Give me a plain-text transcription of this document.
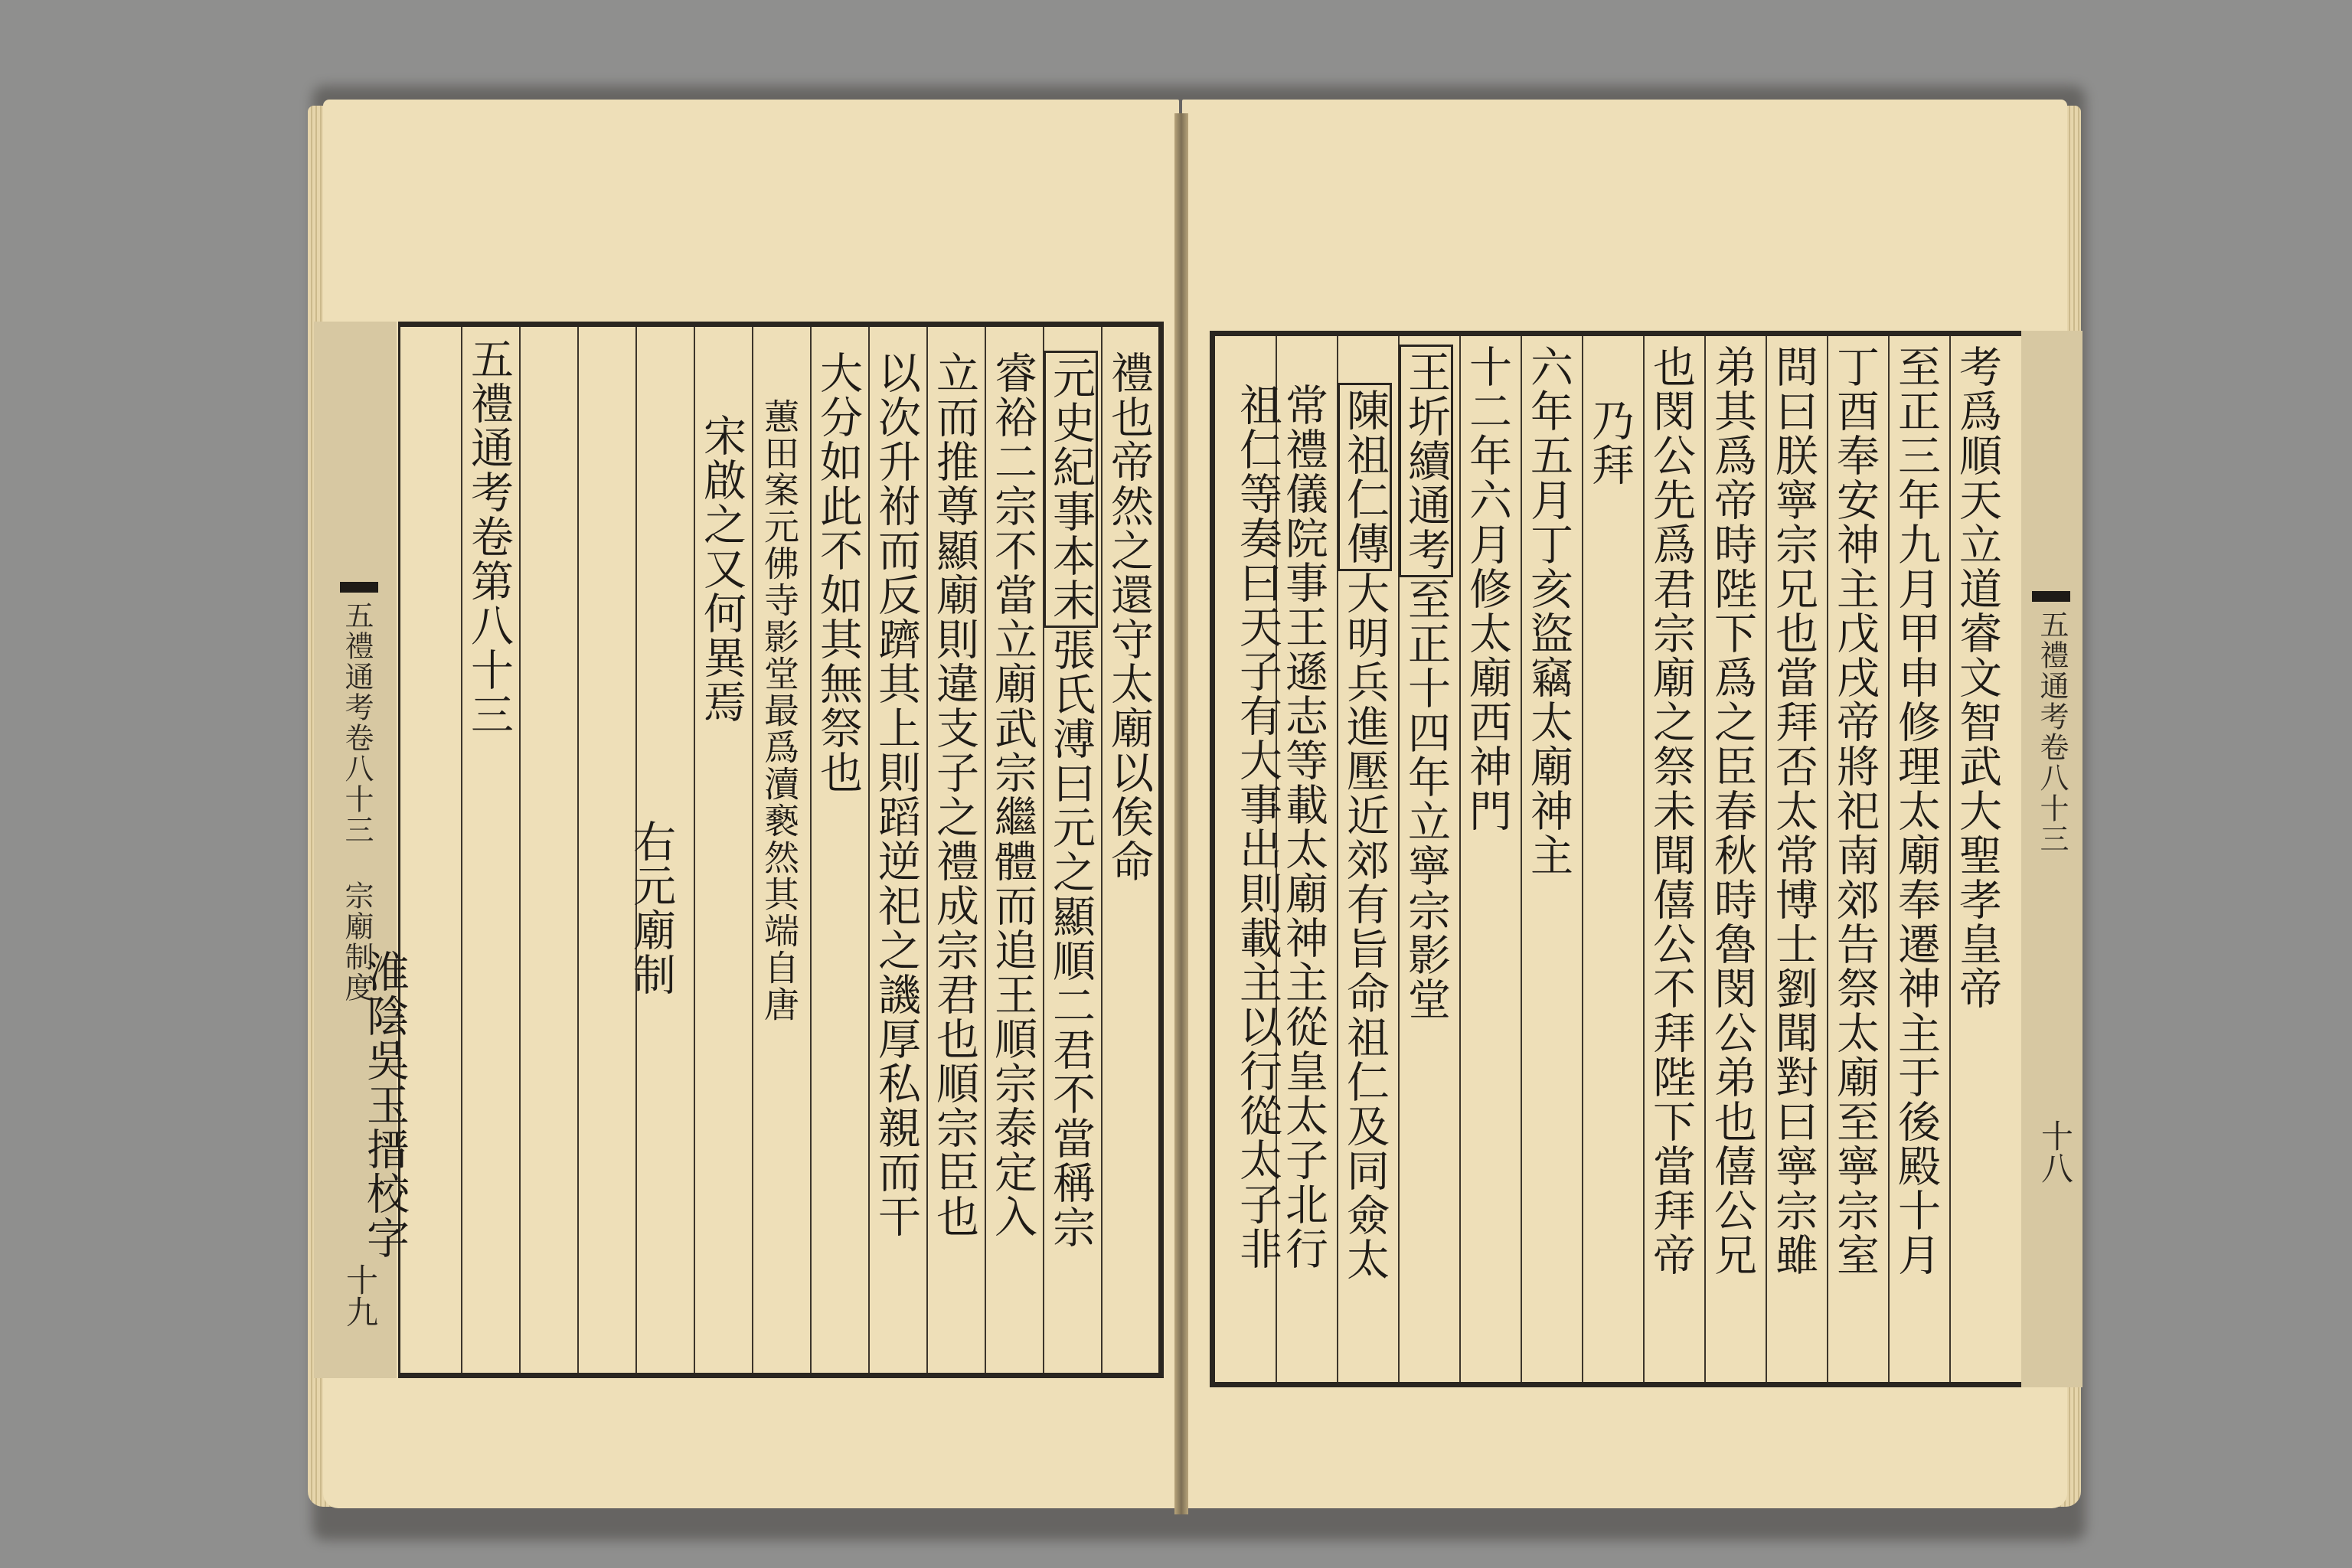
五禮通考卷八十三 宗廟制度
十九
禮也帝然之還守太廟以俟命
元史紀事本末張氏溥曰元之顯順二君不當稱宗
睿裕二宗不當立廟武宗繼體而追王順宗泰定入
立而推尊顯廟則違支子之禮成宗君也順宗臣也
以次升祔而反躋其上則蹈逆祀之譏厚私親而干
大分如此不如其無祭也
蕙田案元佛寺影堂最爲瀆褻然其端自唐
宋啟之又何異焉
右元廟制
五禮通考卷第八十三
淮陰吳玉搢校字
五禮通考卷八十三
十八
考爲順天立道睿文智武大聖孝皇帝
至正三年九月甲申修理太廟奉遷神主于後殿十月
丁酉奉安神主戊戌帝將祀南郊告祭太廟至寧宗室
問曰朕寧宗兄也當拜否太常博士劉聞對曰寧宗雖
弟其爲帝時陛下爲之臣春秋時魯閔公弟也僖公兄
也閔公先爲君宗廟之祭未聞僖公不拜陛下當拜帝
乃拜
六年五月丁亥盜竊太廟神主
十二年六月修太廟西神門
王圻續通考至正十四年立寧宗影堂
陳祖仁傳大明兵進壓近郊有旨命祖仁及同僉太
常禮儀院事王遜志等載太廟神主從皇太子北行
祖仁等奏曰天子有大事出則載主以行從太子非
